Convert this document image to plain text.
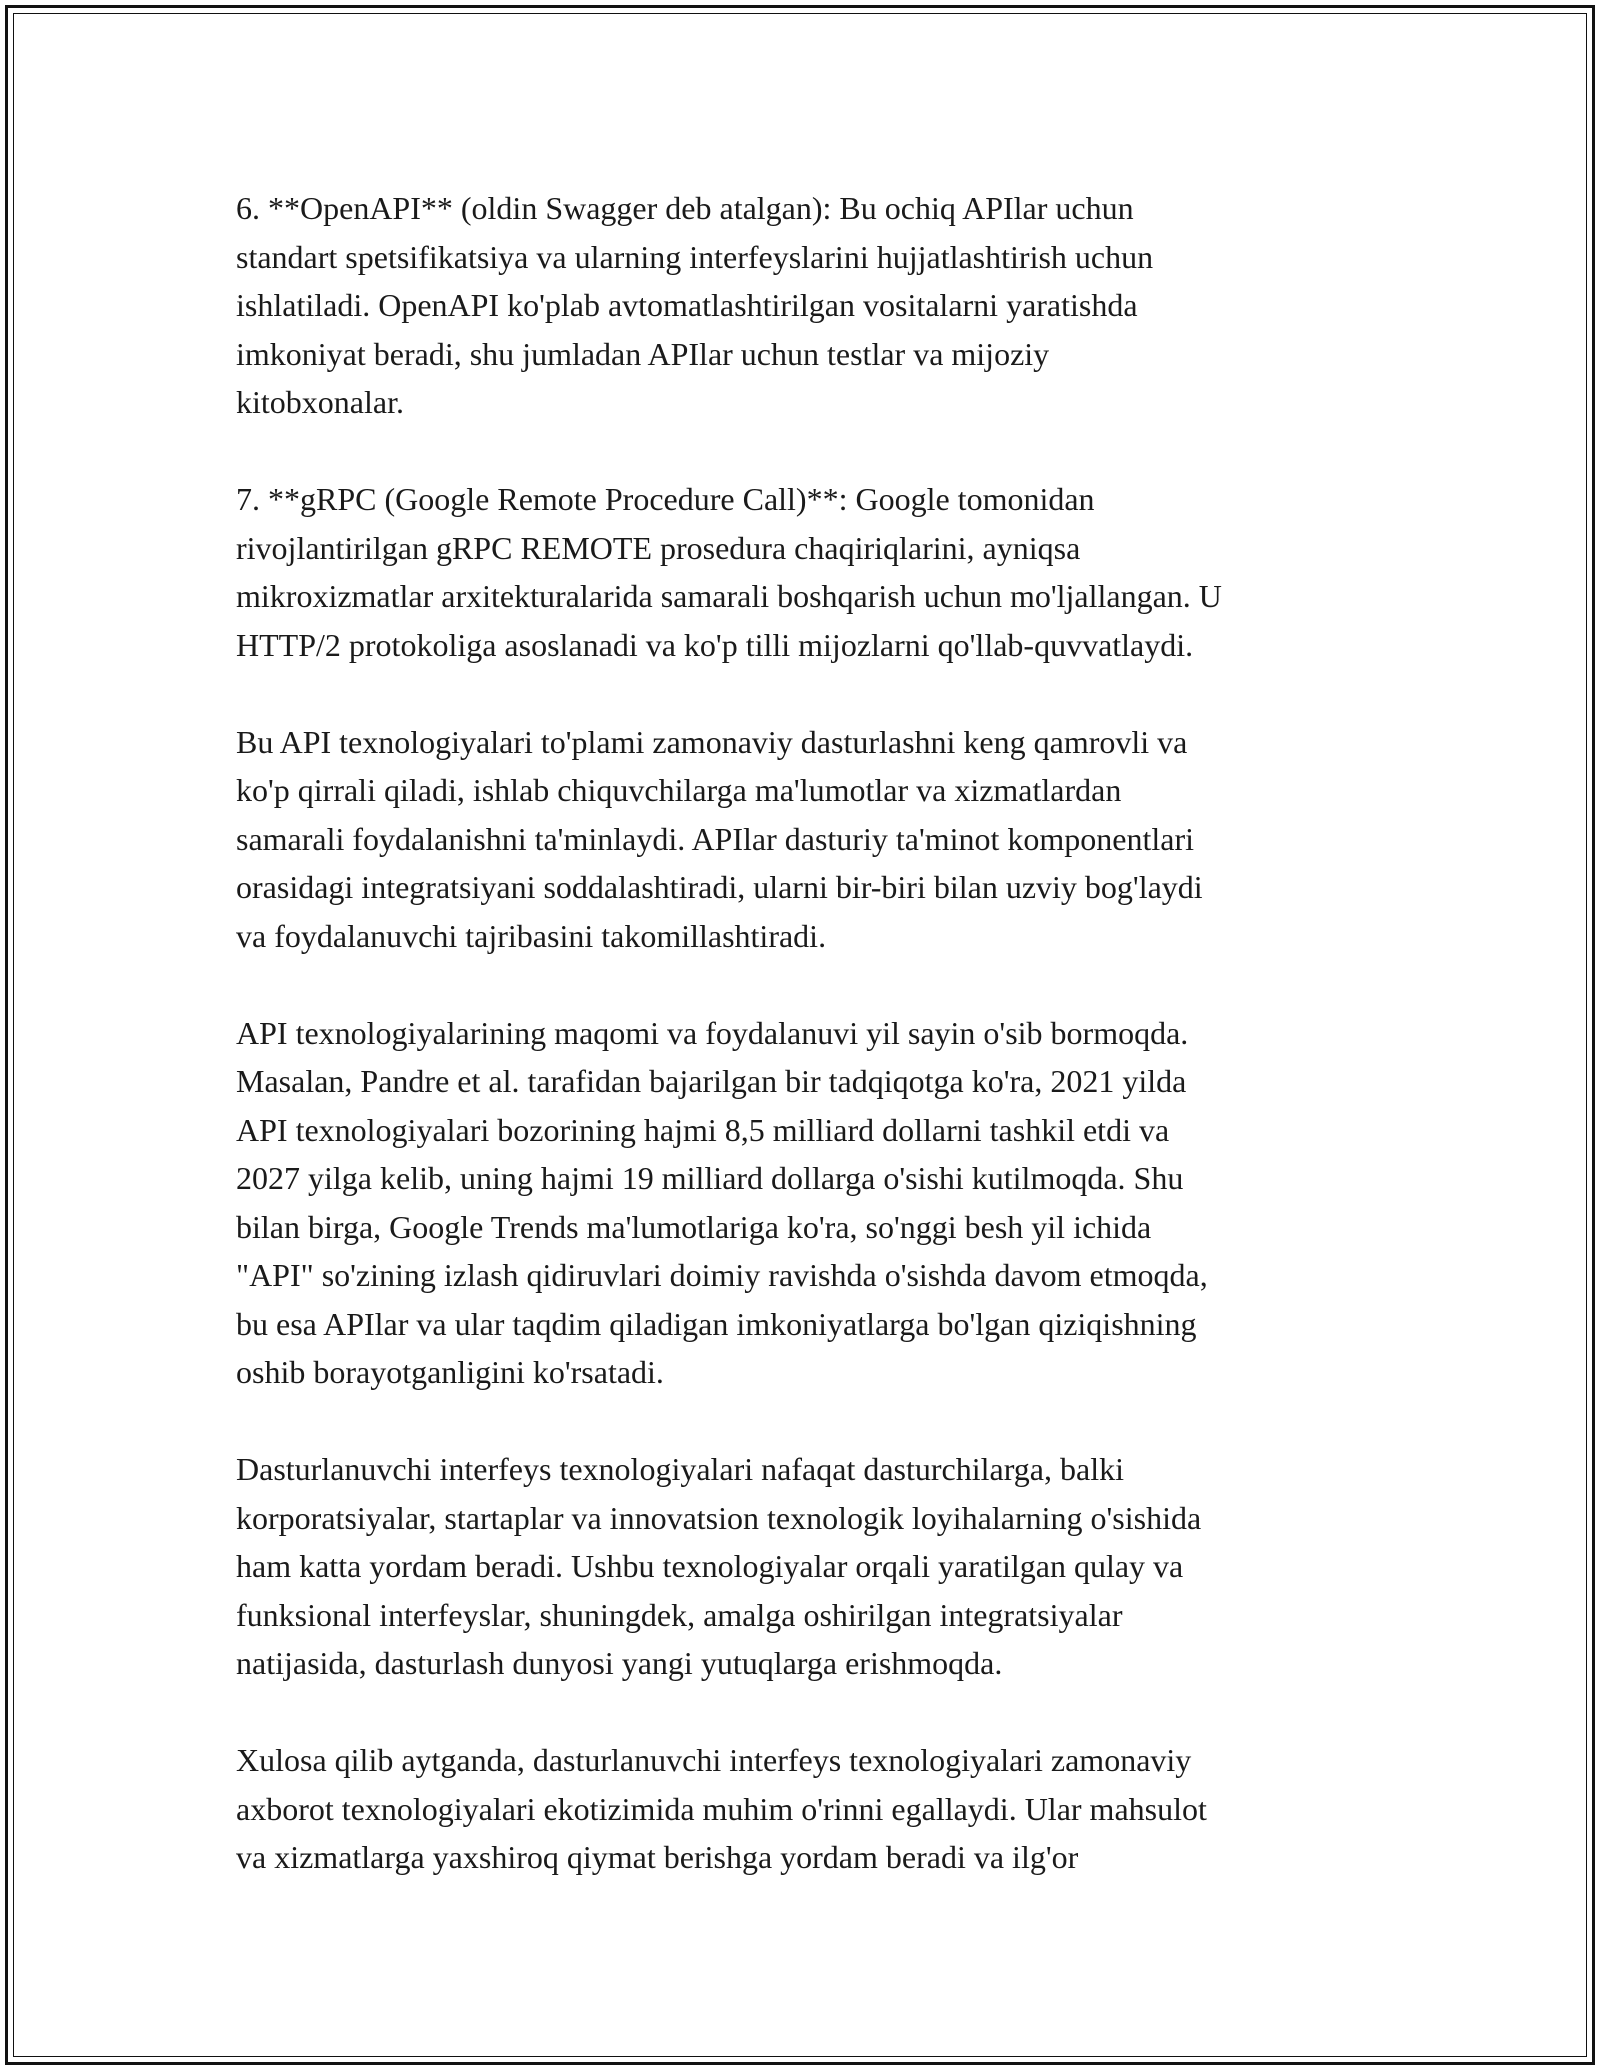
6. **OpenAPI** (oldin Swagger deb atalgan): Bu ochiq APIlar uchun
standart spetsifikatsiya va ularning interfeyslarini hujjatlashtirish uchun
ishlatiladi. OpenAPI ko'plab avtomatlashtirilgan vositalarni yaratishda
imkoniyat beradi, shu jumladan APIlar uchun testlar va mijoziy
kitobxonalar.

7. **gRPC (Google Remote Procedure Call)**: Google tomonidan
rivojlantirilgan gRPC REMOTE prosedura chaqiriqlarini, ayniqsa
mikroxizmatlar arxitekturalarida samarali boshqarish uchun mo'ljallangan. U
HTTP/2 protokoliga asoslanadi va ko'p tilli mijozlarni qo'llab-quvvatlaydi.

Bu API texnologiyalari to'plami zamonaviy dasturlashni keng qamrovli va
ko'p qirrali qiladi, ishlab chiquvchilarga ma'lumotlar va xizmatlardan
samarali foydalanishni ta'minlaydi. APIlar dasturiy ta'minot komponentlari
orasidagi integratsiyani soddalashtiradi, ularni bir-biri bilan uzviy bog'laydi
va foydalanuvchi tajribasini takomillashtiradi.

API texnologiyalarining maqomi va foydalanuvi yil sayin o'sib bormoqda.
Masalan, Pandre et al. tarafidan bajarilgan bir tadqiqotga ko'ra, 2021 yilda
API texnologiyalari bozorining hajmi 8,5 milliard dollarni tashkil etdi va
2027 yilga kelib, uning hajmi 19 milliard dollarga o'sishi kutilmoqda. Shu
bilan birga, Google Trends ma'lumotlariga ko'ra, so'nggi besh yil ichida
"API" so'zining izlash qidiruvlari doimiy ravishda o'sishda davom etmoqda,
bu esa APIlar va ular taqdim qiladigan imkoniyatlarga bo'lgan qiziqishning
oshib borayotganligini ko'rsatadi.

Dasturlanuvchi interfeys texnologiyalari nafaqat dasturchilarga, balki
korporatsiyalar, startaplar va innovatsion texnologik loyihalarning o'sishida
ham katta yordam beradi. Ushbu texnologiyalar orqali yaratilgan qulay va
funksional interfeyslar, shuningdek, amalga oshirilgan integratsiyalar
natijasida, dasturlash dunyosi yangi yutuqlarga erishmoqda.

Xulosa qilib aytganda, dasturlanuvchi interfeys texnologiyalari zamonaviy
axborot texnologiyalari ekotizimida muhim o'rinni egallaydi. Ular mahsulot
va xizmatlarga yaxshiroq qiymat berishga yordam beradi va ilg'or
